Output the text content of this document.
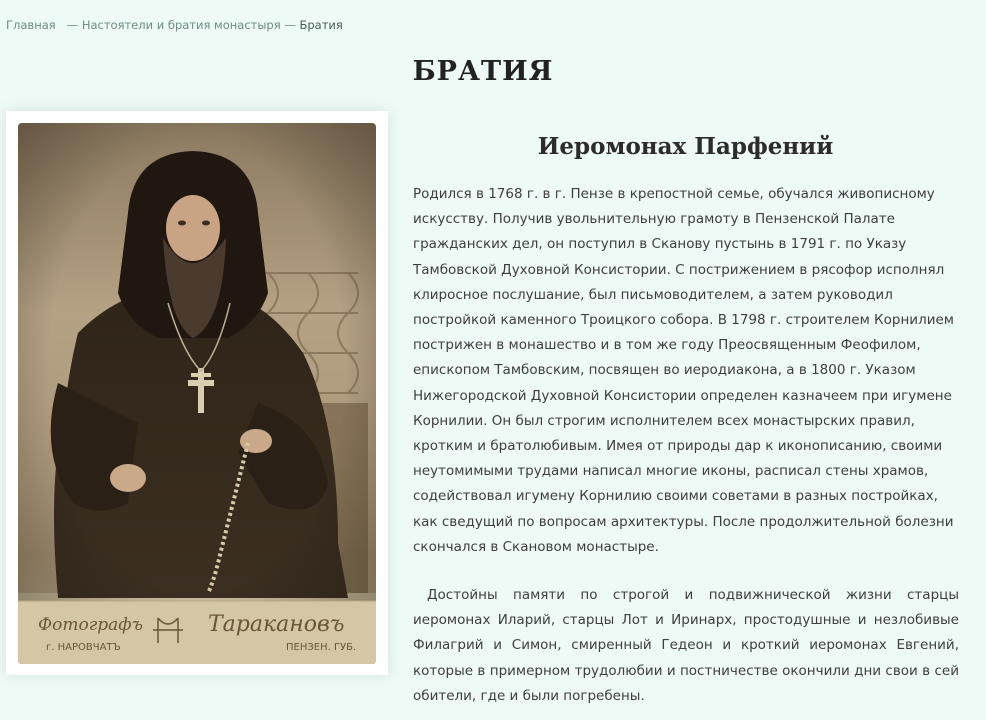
Главная — Настоятели и братия монастыря — Братия
БРАТИЯ
Фотографъ
г. НАРОВЧАТЪ
Таракановъ
ПЕНЗЕН. ГУБ.
Иеромонах Парфений

Родился в 1768 г. в г. Пензе в крепостной семье, обучался живописному искусству. Получив увольнительную грамоту в Пензенской Палате гражданских дел, он поступил в Сканову пустынь в 1791 г. по Указу Тамбовской Духовной Консистории. С пострижением в рясофор исполнял клиросное послушание, был письмоводителем, а затем руководил постройкой каменного Троицкого собора. В 1798 г. строителем Корнилием пострижен в монашество и в том же году Преосвященным Феофилом, епископом Тамбовским, посвящен во иеродиакона, а в 1800 г. Указом Нижегородской Духовной Консистории определен казначеем при игумене Корнилии. Он был строгим исполнителем всех монастырских правил, кротким и братолюбивым. Имея от природы дар к иконописанию, своими неутомимыми трудами написал многие иконы, расписал стены храмов, содействовал игумену Корнилию своими советами в разных постройках, как сведущий по вопросам архитектуры. После продолжительной болезни скончался в Скановом монастыре.

Достойны памяти по строгой и подвижнической жизни старцы иеромонах Иларий, старцы Лот и Иринарх, простодушные и незлобивые Филагрий и Симон, смиренный Гедеон и кроткий иеромонах Евгений, которые в примерном трудолюбии и постничестве окончили дни свои в сей обители, где и были погребены.
